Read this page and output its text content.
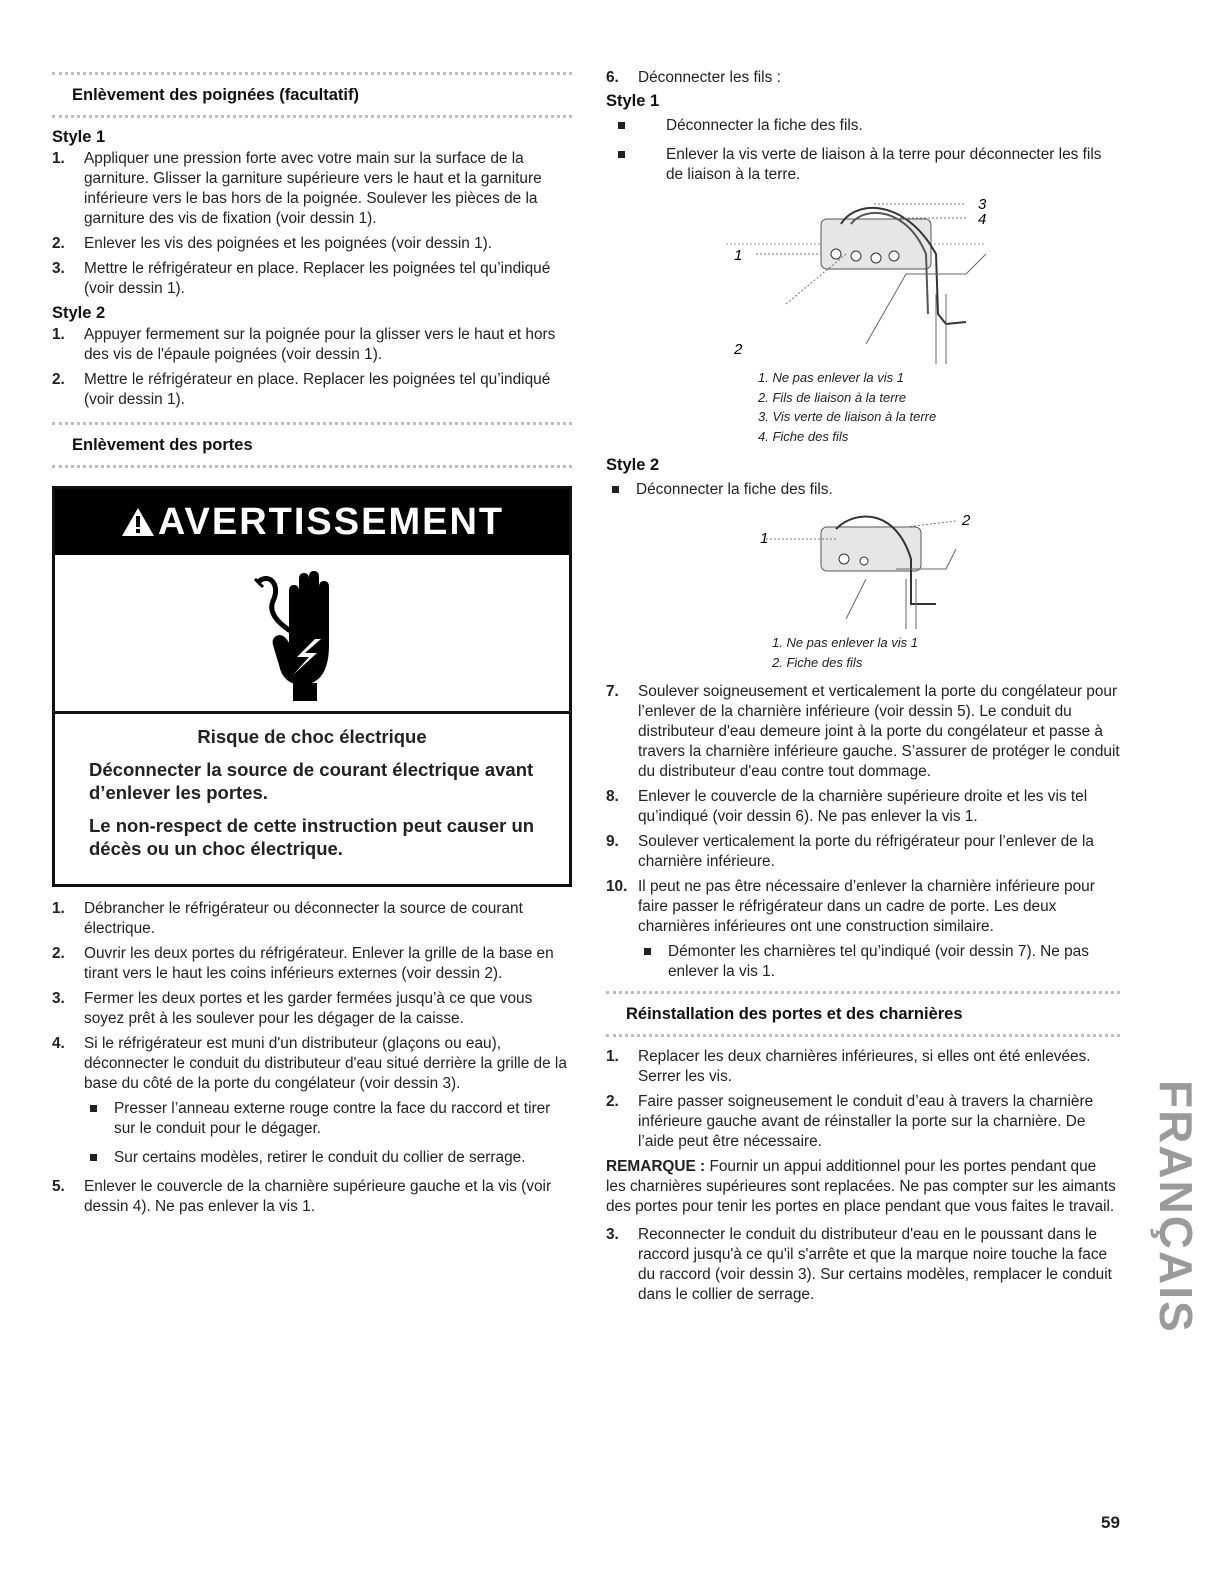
Enlèvement des poignées (facultatif)
Style 1
1. Appliquer une pression forte avec votre main sur la surface de la garniture. Glisser la garniture supérieure vers le haut et la garniture inférieure vers le bas hors de la poignée. Soulever les pièces de la garniture des vis de fixation (voir dessin 1).
2. Enlever les vis des poignées et les poignées (voir dessin 1).
3. Mettre le réfrigérateur en place. Replacer les poignées tel qu’indiqué (voir dessin 1).
Style 2
1. Appuyer fermement sur la poignée pour la glisser vers le haut et hors des vis de l'épaule poignées (voir dessin 1).
2. Mettre le réfrigérateur en place. Replacer les poignées tel qu’indiqué (voir dessin 1).
Enlèvement des portes
AVERTISSEMENT
Risque de choc électrique
Déconnecter la source de courant électrique avant d’enlever les portes.
Le non-respect de cette instruction peut causer un décès ou un choc électrique.
1. Débrancher le réfrigérateur ou déconnecter la source de courant électrique.
2. Ouvrir les deux portes du réfrigérateur. Enlever la grille de la base en tirant vers le haut les coins inférieurs externes (voir dessin 2).
3. Fermer les deux portes et les garder fermées jusqu’à ce que vous soyez prêt à les soulever pour les dégager de la caisse.
4. Si le réfrigérateur est muni d'un distributeur (glaçons ou eau), déconnecter le conduit du distributeur d'eau situé derrière la grille de la base du côté de la porte du congélateur (voir dessin 3).
Presser l’anneau externe rouge contre la face du raccord et tirer sur le conduit pour le dégager.
Sur certains modèles, retirer le conduit du collier de serrage.
5. Enlever le couvercle de la charnière supérieure gauche et la vis (voir dessin 4). Ne pas enlever la vis 1.
6. Déconnecter les fils :
Style 1
Déconnecter la fiche des fils.
Enlever la vis verte de liaison à la terre pour déconnecter les fils de liaison à la terre.
1
2
3
4
1. Ne pas enlever la vis 1
2. Fils de liaison à la terre
3. Vis verte de liaison à la terre
4. Fiche des fils
Style 2
Déconnecter la fiche des fils.
1
2
1. Ne pas enlever la vis 1
2. Fiche des fils
7. Soulever soigneusement et verticalement la porte du congélateur pour l’enlever de la charnière inférieure (voir dessin 5). Le conduit du distributeur d'eau demeure joint à la porte du congélateur et passe à travers la charnière inférieure gauche. S’assurer de protéger le conduit du distributeur d'eau contre tout dommage.
8. Enlever le couvercle de la charnière supérieure droite et les vis tel qu’indiqué (voir dessin 6). Ne pas enlever la vis 1.
9. Soulever verticalement la porte du réfrigérateur pour l’enlever de la charnière inférieure.
10. Il peut ne pas être nécessaire d’enlever la charnière inférieure pour faire passer le réfrigérateur dans un cadre de porte. Les deux charnières inférieures ont une construction similaire.
Démonter les charnières tel qu’indiqué (voir dessin 7). Ne pas enlever la vis 1.
Réinstallation des portes et des charnières
1. Replacer les deux charnières inférieures, si elles ont été enlevées. Serrer les vis.
2. Faire passer soigneusement le conduit d’eau à travers la charnière inférieure gauche avant de réinstaller la porte sur la charnière. De l’aide peut être nécessaire.
REMARQUE : Fournir un appui additionnel pour les portes pendant que les charnières supérieures sont replacées. Ne pas compter sur les aimants des portes pour tenir les portes en place pendant que vous faites le travail.
3. Reconnecter le conduit du distributeur d'eau en le poussant dans le raccord jusqu'à ce qu'il s'arrête et que la marque noire touche la face du raccord (voir dessin 3). Sur certains modèles, remplacer le conduit dans le collier de serrage.	FRANÇAIS
59
